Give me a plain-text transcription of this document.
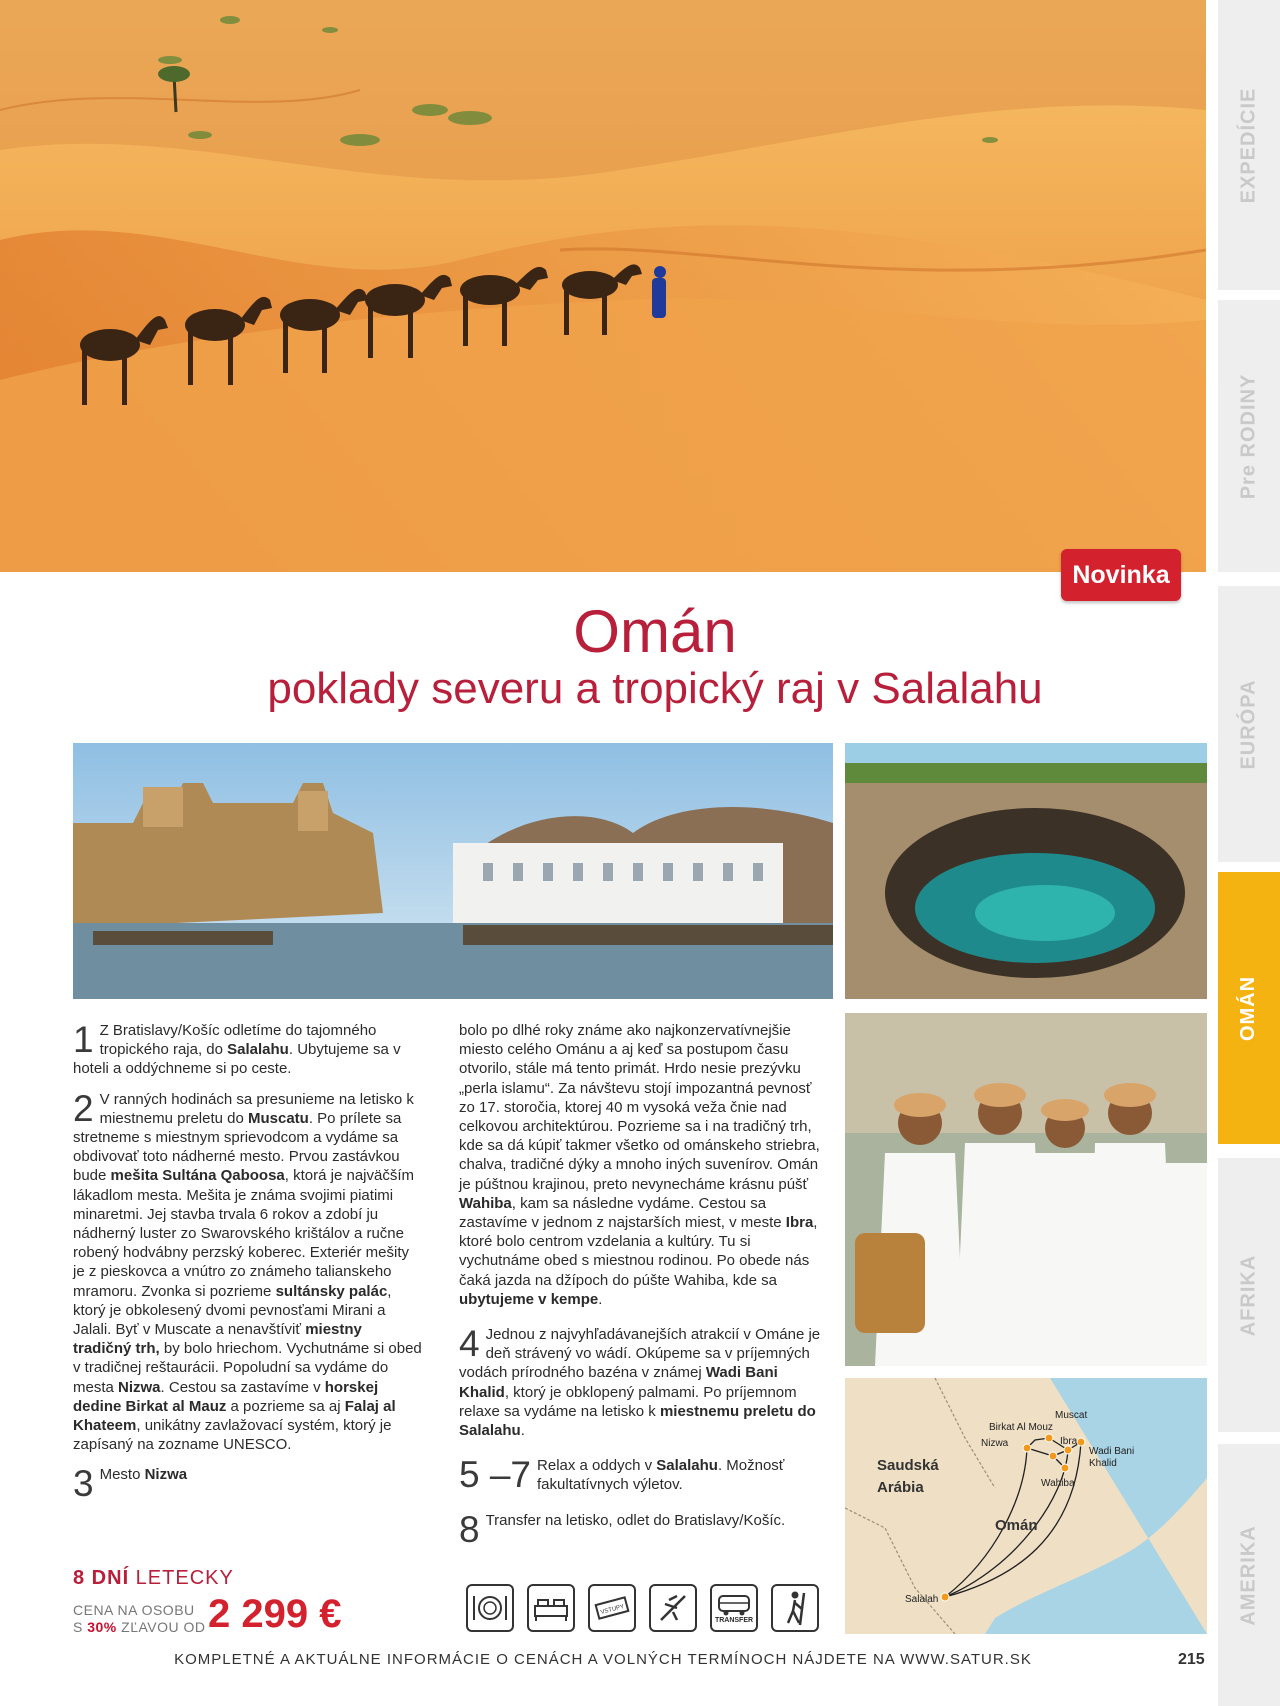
EXPEDÍCIE
Pre RODINY
EURÓPA
OMÁN
AFRIKA
AMERIKA
Novinka
Omán
poklady severu a tropický raj v Salalahu

1 Z Bratislavy/Košíc odletíme do tajomného tropického raja, do Salalahu. Ubytujeme sa v hoteli a oddýchneme si po ceste.

2 V ranných hodinách sa presunieme na letisko k miestnemu preletu do Muscatu. Po prílete sa stretneme s miestnym sprievodcom a vydáme sa obdivovať toto nádherné mesto. Prvou zastávkou bude mešita Sultána Qaboosa, ktorá je najväčším lákadlom mesta. Mešita je známa svojimi piatimi minaretmi. Jej stavba trvala 6 rokov a zdobí ju nádherný luster zo Swarovského krištálov a ručne robený hodvábny perzský koberec. Exteriér mešity je z pieskovca a vnútro zo známeho talianskeho mramoru. Zvonka si pozrieme sultánsky palác, ktorý je obkolesený dvomi pevnosťami Mirani a Jalali. Byť v Muscate a nenavštíviť miestny tradičný trh, by bolo hriechom. Vychutnáme si obed v tradičnej reštaurácii. Popoludní sa vydáme do mesta Nizwa. Cestou sa zastavíme v horskej dedine Birkat al Mauz a pozrieme sa aj Falaj al Khateem, unikátny zavlažovací systém, ktorý je zapísaný na zozname UNESCO.

3 Mesto Nizwa

bolo po dlhé roky známe ako najkonzervatívnejšie miesto celého Ománu a aj keď sa postupom času otvorilo, stále má tento primát. Hrdo nesie prezývku „perla islamu“. Za návštevu stojí impozantná pevnosť zo 17. storočia, ktorej 40 m vysoká veža čnie nad celkovou architektúrou. Pozrieme sa i na tradičný trh, kde sa dá kúpiť takmer všetko od ománskeho striebra, chalva, tradičné dýky a mnoho iných suvenírov. Omán je púštnou krajinou, preto nevynecháme krásnu púšť Wahiba, kam sa následne vydáme. Cestou sa zastavíme v jednom z najstarších miest, v meste Ibra, ktoré bolo centrom vzdelania a kultúry. Tu si vychutnáme obed s miestnou rodinou. Po obede nás čaká jazda na džípoch do púšte Wahiba, kde sa ubytujeme v kempe.

4 Jednou z najvyhľadávanejších atrakcií v Ománe je deň strávený vo wádí. Okúpeme sa v príjemných vodách prírodného bazéna v známej Wadi Bani Khalid, ktorý je obklopený palmami. Po príjemnom relaxe sa vydáme na letisko k miestnemu preletu do Salalahu.

5 –7 Relax a oddych v Salalahu. Možnosť fakultatívnych výletov.

8 Transfer na letisko, odlet do Bratislavy/Košíc.

8 DNÍ LETECKY
CENA NA OSOBU
S 30% ZĽAVOU OD 2 299 €	VSTUPY
TRANSFER
Muscat
Birkat Al Mouz
Nizwa	Ibra
Wadi Bani
Khalid
Wahiba
Salalah
Saudská
Arábia
Omán
KOMPLETNÉ A AKTUÁLNE INFORMÁCIE O CENÁCH A VOLNÝCH TERMÍNOCH NÁJDETE NA WWW.SATUR.SK	215
